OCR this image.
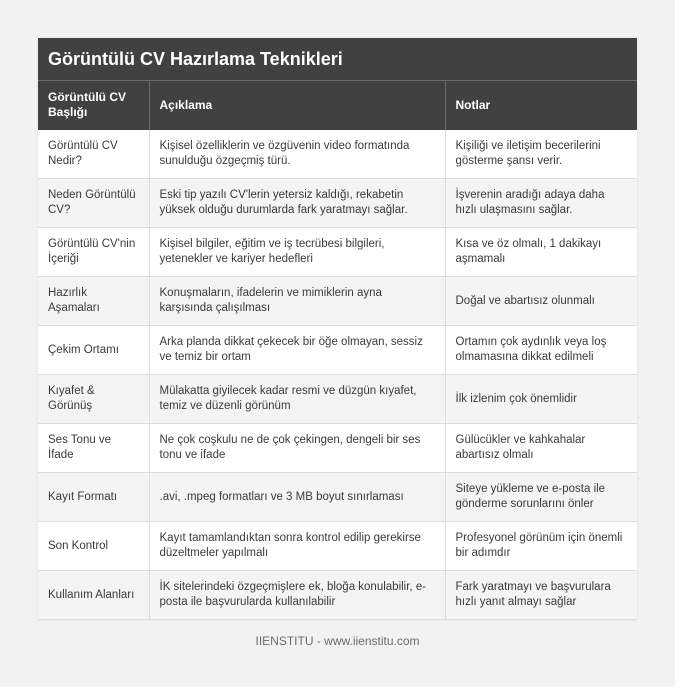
Görüntülü CV Hazırlama Teknikleri
Görüntülü CV Başlığı	Açıklama	Notlar
Görüntülü CV Nedir?	Kişisel özelliklerin ve özgüvenin video formatında sunulduğu özgeçmiş türü.	Kişiliği ve iletişim becerilerini gösterme şansı verir.
Neden Görüntülü CV?	Eski tip yazılı CV'lerin yetersiz kaldığı, rekabetin yüksek olduğu durumlarda fark yaratmayı sağlar.	İşverenin aradığı adaya daha hızlı ulaşmasını sağlar.
Görüntülü CV'nin İçeriği	Kişisel bilgiler, eğitim ve iş tecrübesi bilgileri, yetenekler ve kariyer hedefleri	Kısa ve öz olmalı, 1 dakikayı aşmamalı
Hazırlık Aşamaları	Konuşmaların, ifadelerin ve mimiklerin ayna karşısında çalışılması	Doğal ve abartısız olunmalı
Çekim Ortamı	Arka planda dikkat çekecek bir öğe olmayan, sessiz ve temiz bir ortam	Ortamın çok aydınlık veya loş olmamasına dikkat edilmeli
Kıyafet & Görünüş	Mülakatta giyilecek kadar resmi ve düzgün kıyafet, temiz ve düzenli görünüm	İlk izlenim çok önemlidir
Ses Tonu ve İfade	Ne çok coşkulu ne de çok çekingen, dengeli bir ses tonu ve ifade	Gülücükler ve kahkahalar abartısız olmalı
Kayıt Formatı	.avi, .mpeg formatları ve 3 MB boyut sınırlaması	Siteye yükleme ve e-posta ile gönderme sorunlarını önler
Son Kontrol	Kayıt tamamlandıktan sonra kontrol edilip gerekirse düzeltmeler yapılmalı	Profesyonel görünüm için önemli bir adımdır
Kullanım Alanları	İK sitelerindeki özgeçmişlere ek, bloğa konulabilir, e-posta ile başvurularda kullanılabilir	Fark yaratmayı ve başvurulara hızlı yanıt almayı sağlar
IIENSTITU - www.iienstitu.com
